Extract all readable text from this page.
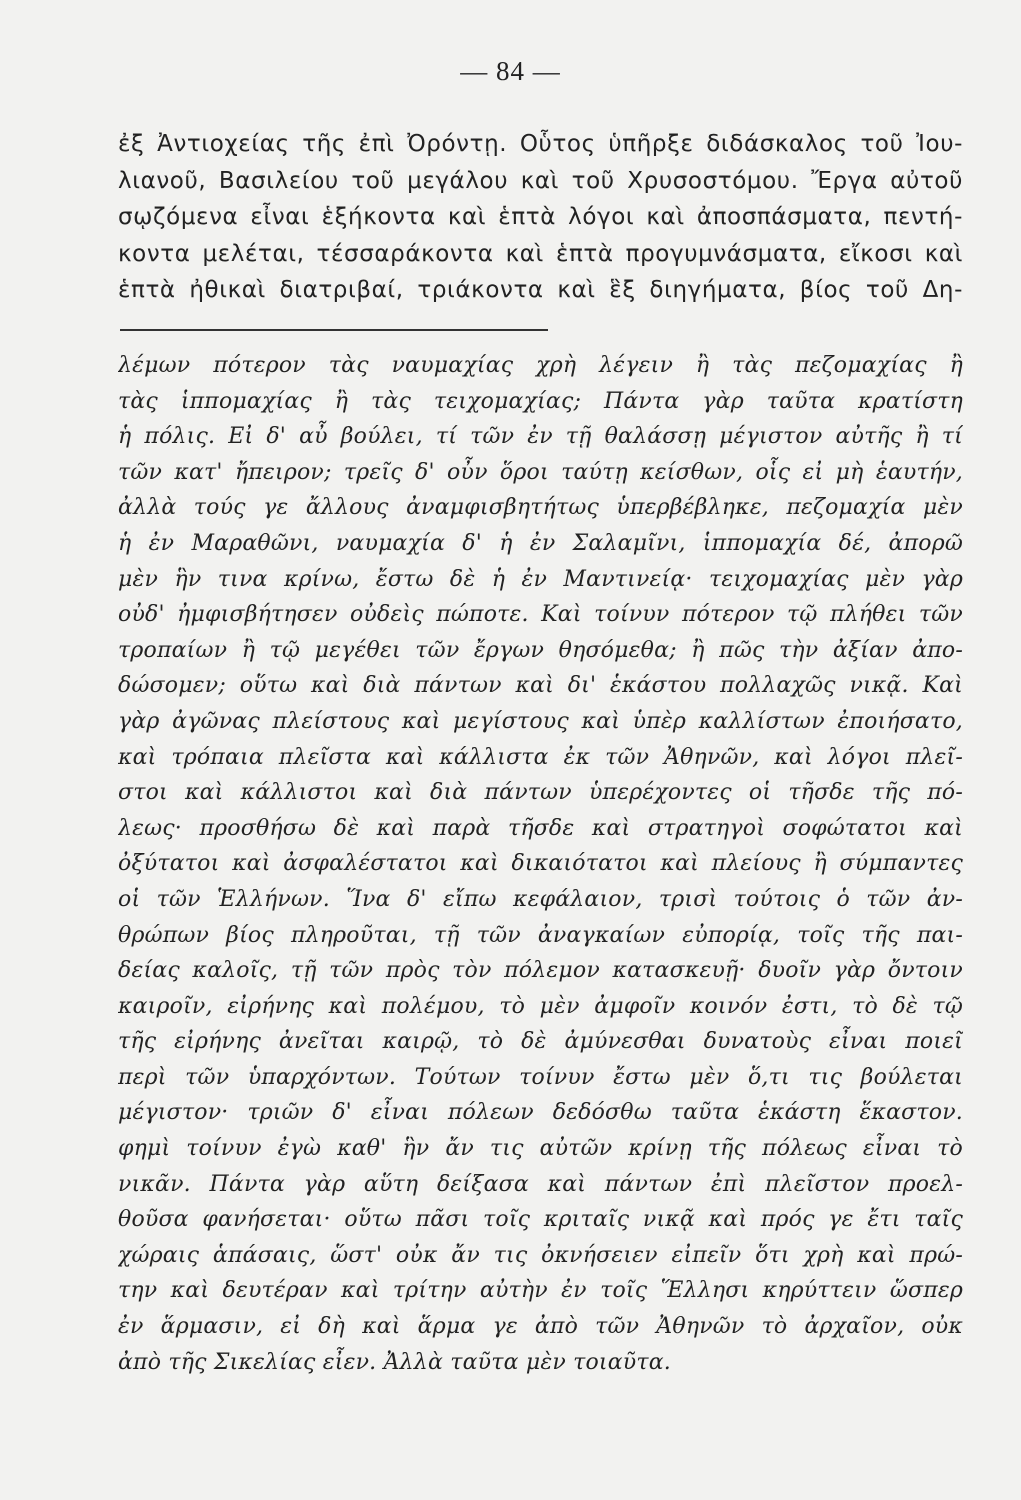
— 84 —
ἐξ Ἀντιοχείας τῆς ἐπὶ Ὀρόντῃ. Οὗτος ὑπῆρξε διδάσκαλος τοῦ Ἰου-
λιανοῦ, Βασιλείου τοῦ μεγάλου καὶ τοῦ Χρυσοστόμου. Ἔργα αὐτοῦ
σῳζόμενα εἶναι ἑξήκοντα καὶ ἑπτὰ λόγοι καὶ ἀποσπάσματα, πεντή-
κοντα μελέται, τέσσαράκοντα καὶ ἑπτὰ προγυμνάσματα, εἴκοσι καὶ
ἑπτὰ ἠθικαὶ διατριβαί, τριάκοντα καὶ ἓξ διηγήματα, βίος τοῦ Δη-
λέμων πότερον τὰς ναυμαχίας χρὴ λέγειν ἢ τὰς πεζομαχίας ἢ
τὰς ἱππομαχίας ἢ τὰς τειχομαχίας; Πάντα γὰρ ταῦτα κρατίστη
ἡ πόλις. Εἰ δ' αὖ βούλει, τί τῶν ἐν τῇ θαλάσσῃ μέγιστον αὐτῆς ἢ τί
τῶν κατ' ἤπειρον; τρεῖς δ' οὖν ὅροι ταύτῃ κείσθων, οἷς εἰ μὴ ἑαυτήν,
ἀλλὰ τούς γε ἄλλους ἀναμφισβητήτως ὑπερβέβληκε, πεζομαχία μὲν
ἡ ἐν Μαραθῶνι, ναυμαχία δ' ἡ ἐν Σαλαμῖνι, ἱππομαχία δέ, ἀπορῶ
μὲν ἣν τινα κρίνω, ἔστω δὲ ἡ ἐν Μαντινείᾳ· τειχομαχίας μὲν γὰρ
οὐδ' ἠμφισβήτησεν οὐδεὶς πώποτε. Καὶ τοίνυν πότερον τῷ πλήθει τῶν
τροπαίων ἢ τῷ μεγέθει τῶν ἔργων θησόμεθα; ἢ πῶς τὴν ἀξίαν ἀπο-
δώσομεν; οὕτω καὶ διὰ πάντων καὶ δι' ἑκάστου πολλαχῶς νικᾷ. Καὶ
γὰρ ἀγῶνας πλείστους καὶ μεγίστους καὶ ὑπὲρ καλλίστων ἐποιήσατο,
καὶ τρόπαια πλεῖστα καὶ κάλλιστα ἐκ τῶν Ἀθηνῶν, καὶ λόγοι πλεῖ-
στοι καὶ κάλλιστοι καὶ διὰ πάντων ὑπερέχοντες οἱ τῆσδε τῆς πό-
λεως· προσθήσω δὲ καὶ παρὰ τῆσδε καὶ στρατηγοὶ σοφώτατοι καὶ
ὀξύτατοι καὶ ἀσφαλέστατοι καὶ δικαιότατοι καὶ πλείους ἢ σύμπαντες
οἱ τῶν Ἑλλήνων. Ἵνα δ' εἴπω κεφάλαιον, τρισὶ τούτοις ὁ τῶν ἀν-
θρώπων βίος πληροῦται, τῇ τῶν ἀναγκαίων εὐπορίᾳ, τοῖς τῆς παι-
δείας καλοῖς, τῇ τῶν πρὸς τὸν πόλεμον κατασκευῇ· δυοῖν γὰρ ὄντοιν
καιροῖν, εἰρήνης καὶ πολέμου, τὸ μὲν ἀμφοῖν κοινόν ἐστι, τὸ δὲ τῷ
τῆς εἰρήνης ἀνεῖται καιρῷ, τὸ δὲ ἀμύνεσθαι δυνατοὺς εἶναι ποιεῖ
περὶ τῶν ὑπαρχόντων. Τούτων τοίνυν ἔστω μὲν ὅ,τι τις βούλεται
μέγιστον· τριῶν δ' εἶναι πόλεων δεδόσθω ταῦτα ἑκάστη ἕκαστον.
φημὶ τοίνυν ἐγὼ καθ' ἣν ἄν τις αὐτῶν κρίνῃ τῆς πόλεως εἶναι τὸ
νικᾶν. Πάντα γὰρ αὕτη δείξασα καὶ πάντων ἐπὶ πλεῖστον προελ-
θοῦσα φανήσεται· οὕτω πᾶσι τοῖς κριταῖς νικᾷ καὶ πρός γε ἔτι ταῖς
χώραις ἁπάσαις, ὥστ' οὐκ ἄν τις ὀκνήσειεν εἰπεῖν ὅτι χρὴ καὶ πρώ-
την καὶ δευτέραν καὶ τρίτην αὐτὴν ἐν τοῖς Ἕλλησι κηρύττειν ὥσπερ
ἐν ἅρμασιν, εἰ δὴ καὶ ἅρμα γε ἀπὸ τῶν Ἀθηνῶν τὸ ἀρχαῖον, οὐκ
ἀπὸ τῆς Σικελίας εἶεν. Ἀλλὰ ταῦτα μὲν τοιαῦτα.
